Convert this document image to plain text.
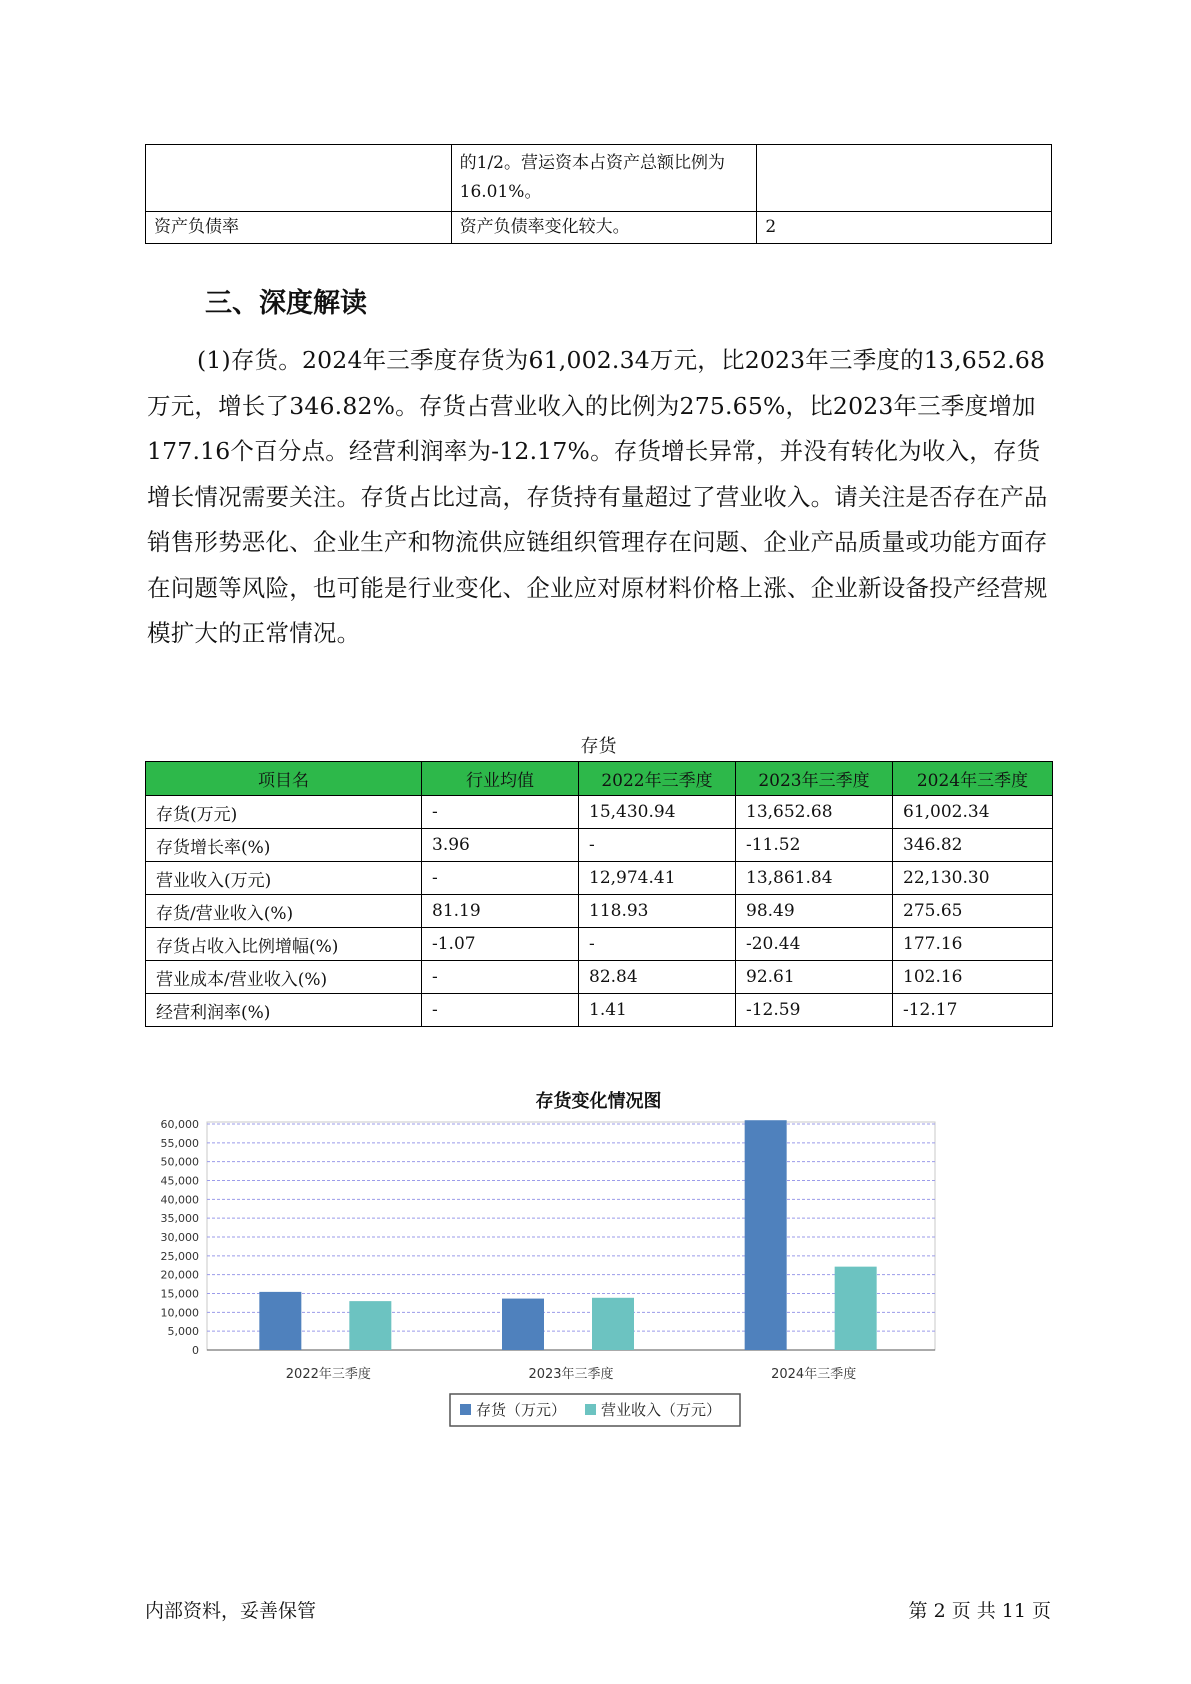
	的1/2。营运资本占资产总额比例为16.01%。	
资产负债率	资产负债率变化较大。	2
三、深度解读

(1)存货。2024年三季度存货为61,002.34万元，比2023年三季度的13,652.68万元，增长了346.82%。存货占营业收入的比例为275.65%，比2023年三季度增加177.16个百分点。经营利润率为-12.17%。存货增长异常，并没有转化为收入，存货增长情况需要关注。存货占比过高，存货持有量超过了营业收入。请关注是否存在产品销售形势恶化、企业生产和物流供应链组织管理存在问题、企业产品质量或功能方面存在问题等风险，也可能是行业变化、企业应对原材料价格上涨、企业新设备投产经营规模扩大的正常情况。

存货
项目名	行业均值	2022年三季度	2023年三季度	2024年三季度
存货(万元)	-	15,430.94	13,652.68	61,002.34
存货增长率(%)	3.96	-	-11.52	346.82
营业收入(万元)	-	12,974.41	13,861.84	22,130.30
存货/营业收入(%)	81.19	118.93	98.49	275.65
存货占收入比例增幅(%)	-1.07	-	-20.44	177.16
营业成本/营业收入(%)	-	82.84	92.61	102.16
经营利润率(%)	-	1.41	-12.59	-12.17
存货变化情况图
0
5,000
10,000
15,000
20,000
25,000
30,000
35,000
40,000
45,000
50,000
55,000
60,000
2022年三季度	2023年三季度	2024年三季度
存货（万元） 营业收入（万元）
内部资料，妥善保管	第 2 页 共 11 页
